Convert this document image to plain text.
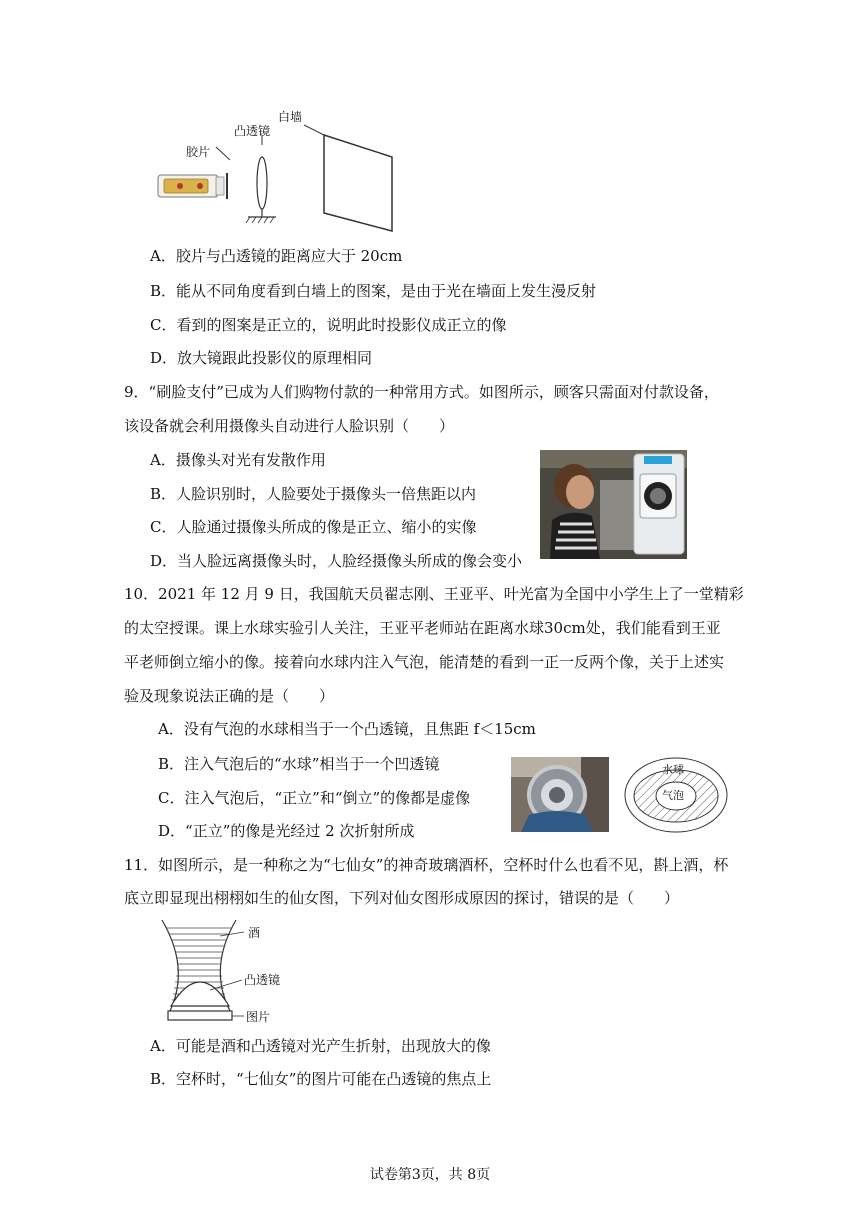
胶片
凸透镜
白墙
A．胶片与凸透镜的距离应大于 20cm
B．能从不同角度看到白墙上的图案，是由于光在墙面上发生漫反射
C．看到的图案是正立的，说明此时投影仪成正立的像
D．放大镜跟此投影仪的原理相同
9．“刷脸支付”已成为人们购物付款的一种常用方式。如图所示，顾客只需面对付款设备，
该设备就会利用摄像头自动进行人脸识别（　　）
A．摄像头对光有发散作用
B．人脸识别时，人脸要处于摄像头一倍焦距以内
C．人脸通过摄像头所成的像是正立、缩小的实像
D．当人脸远离摄像头时，人脸经摄像头所成的像会变小
10．2021 年 12 月 9 日，我国航天员翟志刚、王亚平、叶光富为全国中小学生上了一堂精彩
的太空授课。课上水球实验引人关注，王亚平老师站在距离水球30cm处，我们能看到王亚
平老师倒立缩小的像。接着向水球内注入气泡，能清楚的看到一正一反两个像，关于上述实
验及现象说法正确的是（　　）
A．没有气泡的水球相当于一个凸透镜，且焦距 f＜15cm
B．注入气泡后的“水球”相当于一个凹透镜
C．注入气泡后，“正立”和“倒立”的像都是虚像
D．“正立”的像是光经过 2 次折射所成
水球
气泡
11．如图所示，是一种称之为“七仙女”的神奇玻璃酒杯，空杯时什么也看不见，斟上酒，杯
底立即显现出栩栩如生的仙女图，下列对仙女图形成原因的探讨，错误的是（　　）
酒
凸透镜
图片
A．可能是酒和凸透镜对光产生折射，出现放大的像
B．空杯时，“七仙女”的图片可能在凸透镜的焦点上
试卷第3页，共 8页
